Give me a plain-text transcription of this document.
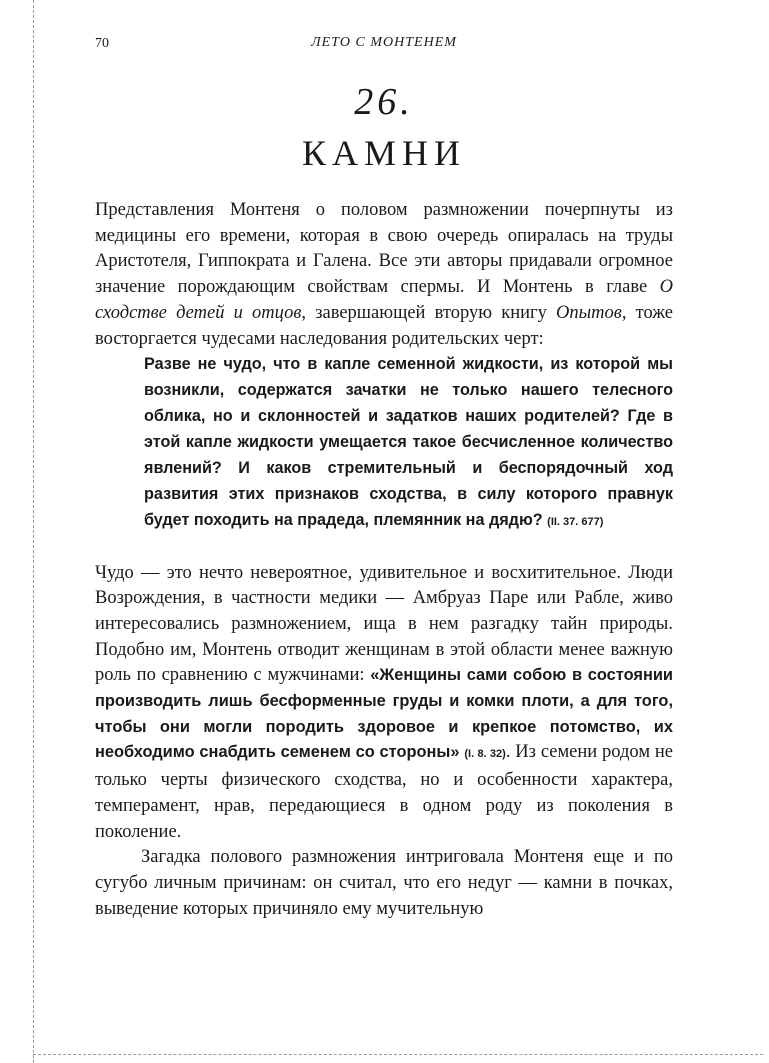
70	ЛЕТО С МОНТЕНЕМ
26.
КАМНИ

Представления Монтеня о половом размножении почерпнуты из медицины его времени, которая в свою очередь опиралась на труды Аристотеля, Гиппократа и Галена. Все эти авторы придавали огромное значение порождающим свойствам спермы. И Монтень в главе О сходстве детей и отцов, завершающей вторую книгу Опытов, тоже восторгается чудесами наследования родительских черт:

Разве не чудо, что в капле семенной жидкости, из которой мы возникли, содержатся зачатки не только нашего телесного облика, но и склонностей и задатков наших родителей? Где в этой капле жидкости умещается такое бесчисленное количество явлений? И каков стремительный и беспорядочный ход развития этих признаков сходства, в силу которого правнук будет походить на прадеда, племянник на дядю? (II. 37. 677)

Чудо — это нечто невероятное, удивительное и восхитительное. Люди Возрождения, в частности медики — Амбруаз Паре или Рабле, живо интересовались размножением, ища в нем разгадку тайн природы. Подобно им, Монтень отводит женщинам в этой области менее важную роль по сравнению с мужчинами: «Женщины сами собою в состоянии производить лишь бесформенные груды и комки плоти, а для того, чтобы они могли породить здоровое и крепкое потомство, их необходимо снабдить семенем со стороны» (I. 8. 32). Из семени родом не только черты физического сходства, но и особенности характера, темперамент, нрав, передающиеся в одном роду из поколения в поколение.

Загадка полового размножения интриговала Монтеня еще и по сугубо личным причинам: он считал, что его недуг — камни в почках, выведение которых причиняло ему мучительную
